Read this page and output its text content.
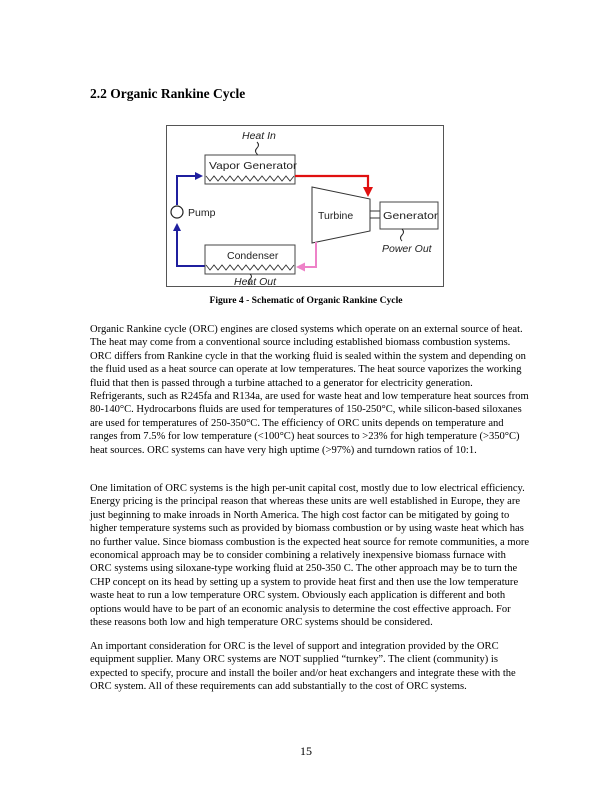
2.2 Organic Rankine Cycle
Heat In
Vapor Generator
Pump	Turbine	Generator
Power Out
Condenser
Heat Out
Figure 4 - Schematic of Organic Rankine Cycle

Organic Rankine cycle (ORC) engines are closed systems which operate on an external source of heat. The heat may come from a conventional source including established biomass combustion systems. ORC differs from Rankine cycle in that the working fluid is sealed within the system and depending on the fluid used as a heat source can operate at low temperatures. The heat source vaporizes the working fluid that then is passed through a turbine attached to a generator for electricity generation. Refrigerants, such as R245fa and R134a, are used for waste heat and low temperature heat sources from 80-140°C. Hydrocarbons fluids are used for temperatures of 150-250°C, while silicon-based siloxanes are used for temperatures of 250-350°C. The efficiency of ORC units depends on temperature and ranges from 7.5% for low temperature (<100°C) heat sources to >23% for high temperature (>350°C) heat sources. ORC systems can have very high uptime (>97%) and turndown ratios of 10:1.

One limitation of ORC systems is the high per-unit capital cost, mostly due to low electrical efficiency. Energy pricing is the principal reason that whereas these units are well established in Europe, they are just beginning to make inroads in North America. The high cost factor can be mitigated by going to higher temperature systems such as provided by biomass combustion or by using waste heat which has no further value. Since biomass combustion is the expected heat source for remote communities, a more economical approach may be to consider combining a relatively inexpensive biomass furnace with ORC systems using siloxane-type working fluid at 250-350 C. The other approach may be to turn the CHP concept on its head by setting up a system to provide heat first and then use the low temperature waste heat to run a low temperature ORC system. Obviously each application is different and both options would have to be part of an economic analysis to determine the cost effective approach. For these reasons both low and high temperature ORC systems should be considered.

An important consideration for ORC is the level of support and integration provided by the ORC equipment supplier. Many ORC systems are NOT supplied “turnkey”. The client (community) is expected to specify, procure and install the boiler and/or heat exchangers and integrate these with the ORC system. All of these requirements can add substantially to the cost of ORC systems.

15
